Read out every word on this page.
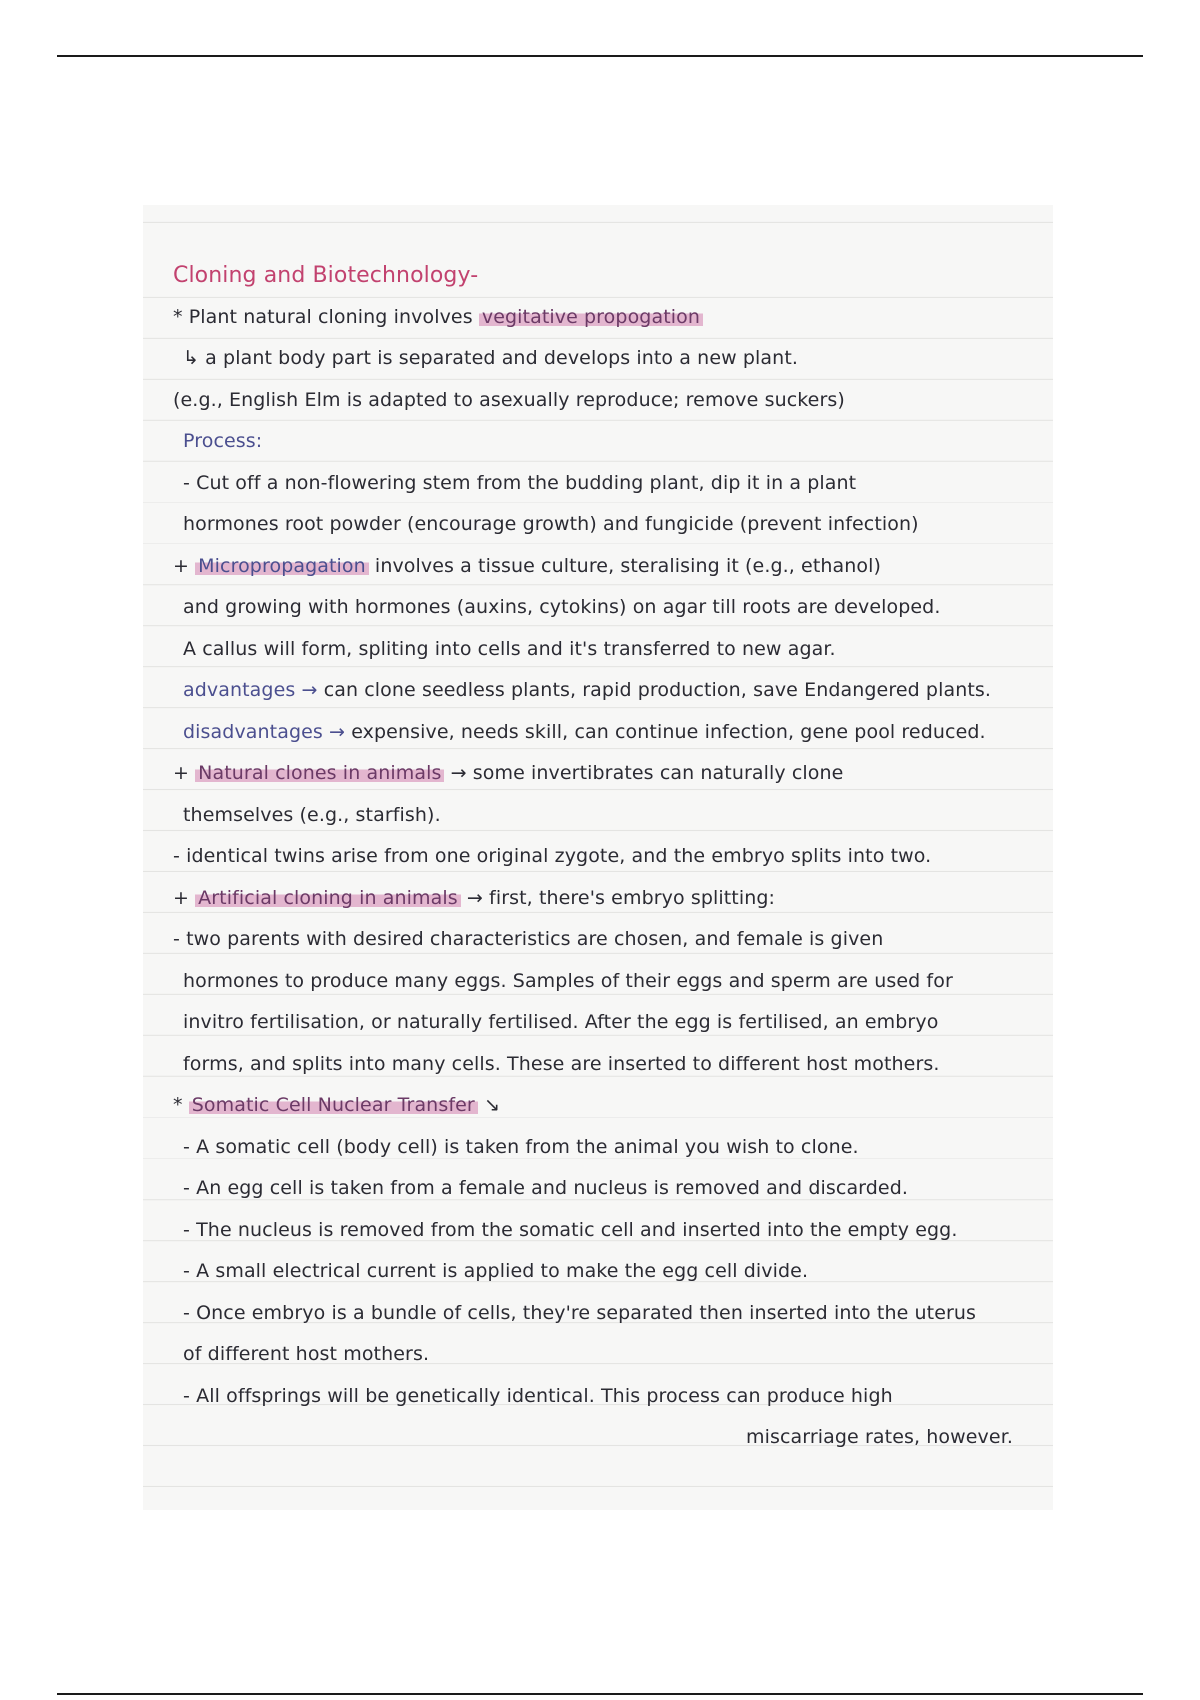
Cloning and Biotechnology-
* Plant natural cloning involves vegitative propogation
↳ a plant body part is separated and develops into a new plant.
(e.g., English Elm is adapted to asexually reproduce; remove suckers)
Process:
- Cut off a non-flowering stem from the budding plant, dip it in a plant
hormones root powder (encourage growth) and fungicide (prevent infection)
+ Micropropagation involves a tissue culture, steralising it (e.g., ethanol)
and growing with hormones (auxins, cytokins) on agar till roots are developed.
A callus will form, spliting into cells and it's transferred to new agar.
advantages → can clone seedless plants, rapid production, save Endangered plants.
disadvantages → expensive, needs skill, can continue infection, gene pool reduced.
+ Natural clones in animals → some invertibrates can naturally clone
themselves (e.g., starfish).
- identical twins arise from one original zygote, and the embryo splits into two.
+ Artificial cloning in animals → first, there's embryo splitting:
- two parents with desired characteristics are chosen, and female is given
hormones to produce many eggs. Samples of their eggs and sperm are used for
invitro fertilisation, or naturally fertilised. After the egg is fertilised, an embryo
forms, and splits into many cells. These are inserted to different host mothers.
* Somatic Cell Nuclear Transfer ↘
- A somatic cell (body cell) is taken from the animal you wish to clone.
- An egg cell is taken from a female and nucleus is removed and discarded.
- The nucleus is removed from the somatic cell and inserted into the empty egg.
- A small electrical current is applied to make the egg cell divide.
- Once embryo is a bundle of cells, they're separated then inserted into the uterus
of different host mothers.
- All offsprings will be genetically identical. This process can produce high
miscarriage rates, however.
